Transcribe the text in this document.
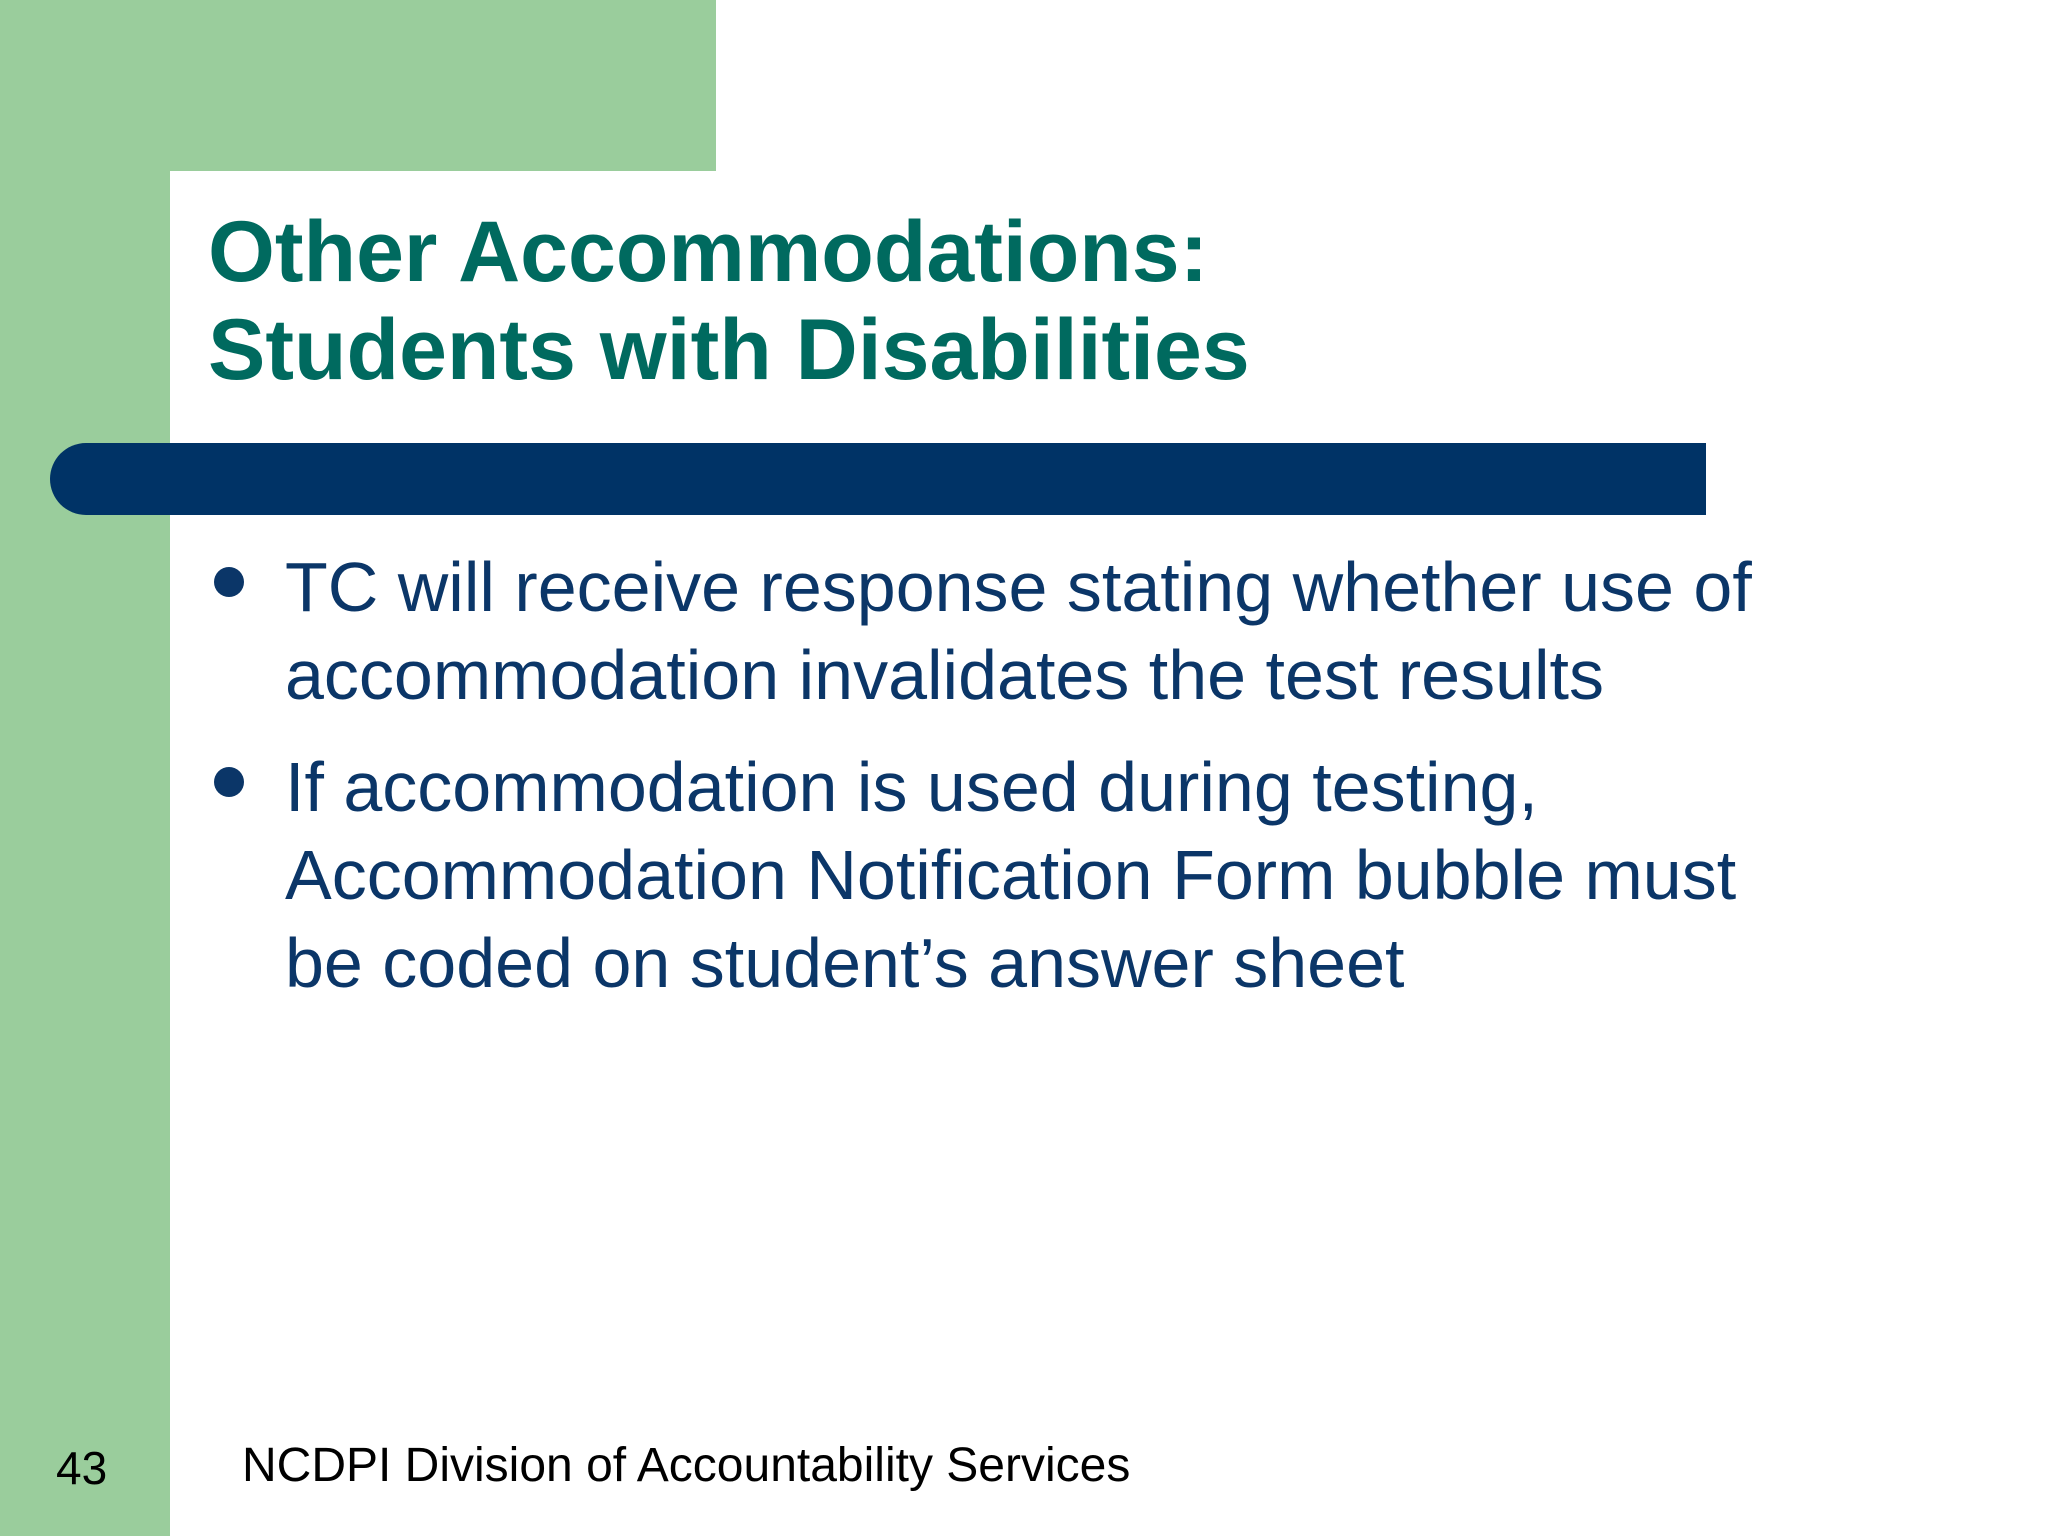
Other Accommodations:
Students with Disabilities
TC will receive response stating whether use of
accommodation invalidates the test results
If accommodation is used during testing,
Accommodation Notification Form bubble must
be coded on student’s answer sheet
43	NCDPI Division of Accountability Services
